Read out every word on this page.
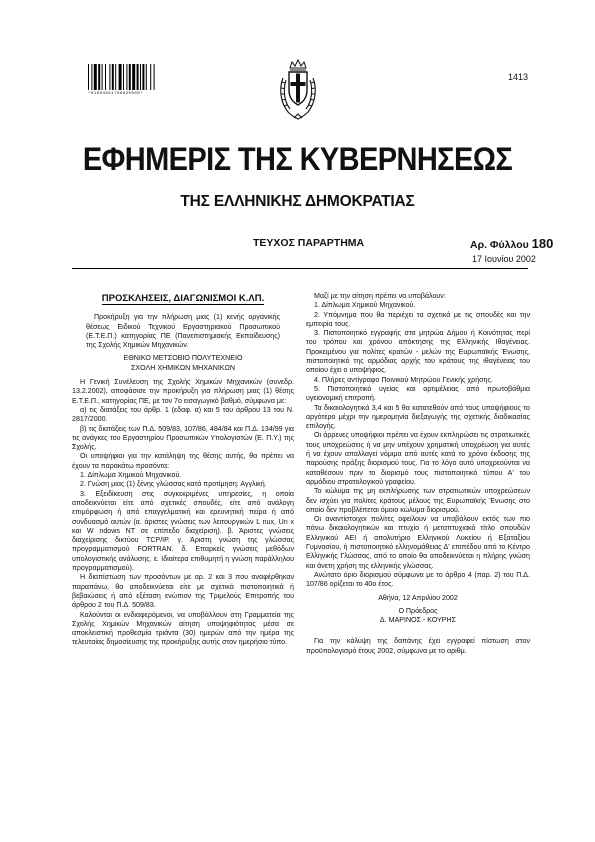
*01004801706020008*
1413
ΕΦΗΜΕΡΙΣ ΤΗΣ ΚΥΒΕΡΝΗΣΕΩΣ
ΤΗΣ ΕΛΛΗΝΙΚΗΣ ΔΗΜΟΚΡΑΤΙΑΣ
ΤΕΥΧΟΣ ΠΑΡΑΡΤΗΜΑ	Αρ. Φύλλου 180
17 Ιουνίου 2002

ΠΡΟΣΚΛΗΣΕΙΣ, ΔΙΑΓΩΝΙΣΜΟΙ Κ.ΛΠ.

Προκήρυξη για την πλήρωση μιας (1) κενής οργανικής θέσεως Ειδικού Τεχνικού Εργαστηριακού Προσωπικού (Ε.Τ.Ε.Π.) κατηγορίας ΠΕ (Πανεπιστημιακής Εκπαίδευσης) της Σχολής Χημικών Μηχανικών.

ΕΘΝΙΚΟ ΜΕΤΣΟΒΙΟ ΠΟΛΥΤΕΧΝΕΙΟ

ΣΧΟΛΗ ΧΗΜΙΚΩΝ ΜΗΧΑΝΙΚΩΝ

Η Γενική Συνέλευση της Σχολής Χημικών Μηχανικών (συνεδρ. 13.2.2002), αποφάσισε την προκήρυξη για πλήρωση μιας (1) θέσης Ε.Τ.Ε.Π., κατηγορίας ΠΕ, με τον 7ο εισαγωγικό βαθμό, σύμφωνα με:

α) τις διατάξεις του άρθρ. 1 (εδαφ. α) και 5 του άρθρου 13 του Ν. 2817/2000.

β) τις διατάξεις των Π.Δ. 509/83, 107/86, 484/84 και Π.Δ. 134/99 για τις ανάγκες του Εργαστηρίου Προσωπικών Υπολογιστών (Ε. Π.Υ.) της Σχολής.

Οι υποψήφιοι για την κατάληψη της θέσης αυτής, θα πρέπει να έχουν τα παρακάτω προσόντα:

1. Δίπλωμα Χημικού Μηχανικού.

2. Γνώση μιας (1) ξένης γλώσσας κατά προτίμηση: Αγγλική.

3. Εξειδίκευση στις συγκεκριμένες υπηρεσίες, η οποία αποδεικνύεται είτε από σχετικές σπουδές, είτε από ανάλογη επιμόρφωση ή από επαγγελματική και ερευνητική πείρα ή από συνδυασμό αυτών (α. άριστες γνώσεις των λειτουργικών L nux, Un x και W ndows NT σε επίπεδο διαχείριση). β. Άριστες γνώσεις διαχείρισης δικτύου TCP/IP. γ. Άριστη γνώση της γλώσσας προγραμματισμού FORTRAN. δ. Επαρκείς γνώσεις μεθόδων υπολογιστικής ανάλυσης. ε. Ιδιαίτερα επιθυμητή η γνώση παράλληλου προγραμματισμού).

Η διαπίστωση των προσόντων με αρ. 2 και 3 που αναφέρθηκαν παραπάνω, θα αποδεικνύεται είτε με σχετικά πιστοποιητικά ή βεβαιώσεις ή από εξέταση ενώπιον της Τριμελούς Επιτροπής του άρθρου 2 του Π.Δ. 509/83.

Καλούνται οι ενδιαφερόμενοι, να υποβάλλουν στη Γραμματεία της Σχολής Χημικών Μηχανικών αίτηση υποψηφιότητας μέσα σε αποκλειστική προθεσμία τριάντα (30) ημερών από την ημέρα της τελευταίας δημοσίευσης της προκήρυξης αυτής στον ημερήσιο τύπο.

Μαζί με την αίτηση πρέπει να υποβάλουν:

1. Δίπλωμα Χημικού Μηχανικού.

2. Υπόμνημα που θα περιέχει τα σχετικά με τις σπουδές και την εμπειρία τους.

3. Πιστοποιητικό εγγραφής στα μητρώα Δήμου ή Κοινότητας περί του τρόπου και χρόνου απόκτησης της Ελληνικής Ιθαγένειας. Προκειμένου για πολίτες κρατών - μελών της Ευρωπαϊκής Ένωσης, πιστοποιητικό της αρμόδιας αρχής του κράτους της ιθαγένειας του οποίου έχει ο υποψήφιος.

4. Πλήρες αντίγραφο Ποινικού Μητρώου Γενικής χρήσης.

5. Πιστοποιητικό υγείας και αρτιμέλειας από πρωτοβάθμια υγειονομική επιτροπή.

Τα δικαιολογητικά 3,4 και 5 θα κατατεθούν από τους υποψήφιους το αργότερο μέχρι την ημερομηνία διεξαγωγής της σχετικής διαδικασίας επιλογής.

Οι άρρενες υποψήφιοι πρέπει να έχουν εκπληρώσει τις στρατιωτικές τους υποχρεώσεις ή να μην υπέχουν χρηματική υποχρέωση για αυτές ή να έχουν απαλλαγεί νόμιμα από αυτές κατά το χρόνο έκδοσης της παρούσης πράξης διορισμού τους. Για το λόγο αυτό υποχρεούνται να καταθέσουν πριν το διορισμό τους πιστοποιητικό τύπου Α' του αρμόδιου στρατολογικού γραφείου.

Το κώλυμα της μη εκπλήρωσης των στρατιωτικών υποχρεώσεων δεν ισχύει για πολίτες κράτους μέλους της Ευρωπαϊκής Ένωσης στο οποίο δεν προβλέπεται όμοιο κώλυμα διορισμού.

Οι αναντίστοιχοι πολίτες οφείλουν να υποβάλουν εκτός των πιο πάνω δικαιολογητικών και πτυχίο ή μεταπτυχιακό τίτλο σπουδών Ελληνικού ΑΕΙ ή απολυτήριο Ελληνικού Λυκείου ή Εξαταξίου Γυμνασίου, ή πιστοποιητικό ελληνομάθειας Δ' επιπέδου από το Κέντρο Ελληνικής Γλώσσας, από το οποίο θα αποδεικνύεται η πλήρης γνώση και άνετη χρήση της ελληνικής γλώσσας.

Ανώτατο όριο διορισμού σύμφωνα με το άρθρο 4 (παρ. 2) του Π.Δ. 107/86 ορίζεται το 40ο έτος.

Αθήνα, 12 Απριλίου 2002

Ο Πρόεδρος

Δ. ΜΑΡΙΝΟΣ - ΚΟΥΡΗΣ

Για την κάλυψη της δαπάνης έχει εγγραφεί πίστωση στον προϋπολογισμό έτους 2002, σύμφωνα με το αριθμ.
